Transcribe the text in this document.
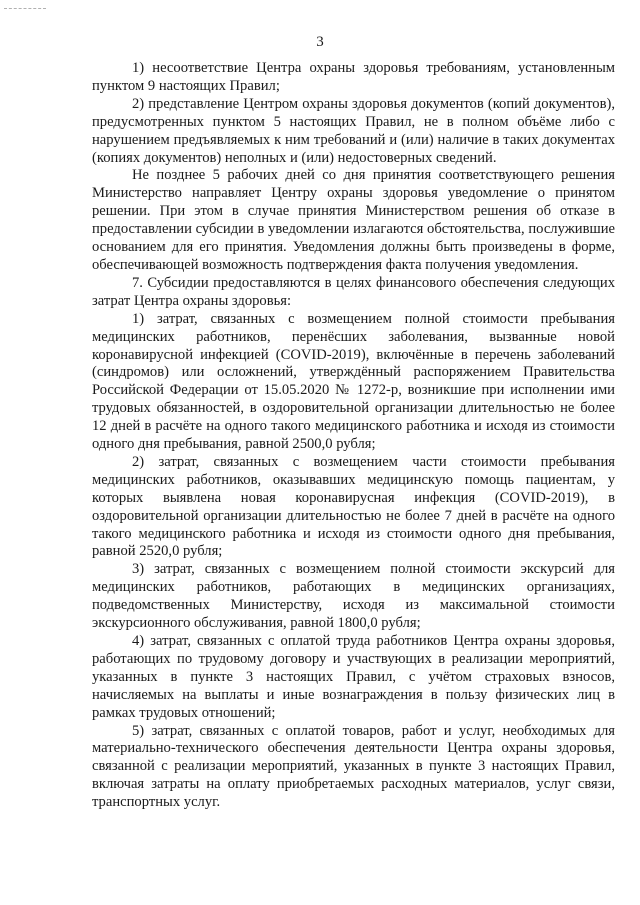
3

1) несоответствие Центра охраны здоровья требованиям, установленным пунктом 9 настоящих Правил;

2) представление Центром охраны здоровья документов (копий документов), предусмотренных пунктом 5 настоящих Правил, не в полном объёме либо с нарушением предъявляемых к ним требований и (или) наличие в таких документах (копиях документов) неполных и (или) недостоверных сведений.

Не позднее 5 рабочих дней со дня принятия соответствующего решения Министерство направляет Центру охраны здоровья уведомление о принятом решении. При этом в случае принятия Министерством решения об отказе в предоставлении субсидии в уведомлении излагаются обстоятельства, послужившие основанием для его принятия. Уведомления должны быть произведены в форме, обеспечивающей возможность подтверждения факта получения уведомления.

7. Субсидии предоставляются в целях финансового обеспечения следующих затрат Центра охраны здоровья:

1) затрат, связанных с возмещением полной стоимости пребывания медицинских работников, перенёсших заболевания, вызванные новой коронавирусной инфекцией (COVID-2019), включённые в перечень заболеваний (синдромов) или осложнений, утверждённый распоряжением Правительства Российской Федерации от 15.05.2020 № 1272-р, возникшие при исполнении ими трудовых обязанностей, в оздоровительной организации длительностью не более 12 дней в расчёте на одного такого медицинского работника и исходя из стоимости одного дня пребывания, равной 2500,0 рубля;

2) затрат, связанных с возмещением части стоимости пребывания медицинских работников, оказывавших медицинскую помощь пациентам, у которых выявлена новая коронавирусная инфекция (COVID-2019), в оздоровительной организации длительностью не более 7 дней в расчёте на одного такого медицинского работника и исходя из стоимости одного дня пребывания, равной 2520,0 рубля;

3) затрат, связанных с возмещением полной стоимости экскурсий для медицинских работников, работающих в медицинских организациях, подведомственных Министерству, исходя из максимальной стоимости экскурсионного обслуживания, равной 1800,0 рубля;

4) затрат, связанных с оплатой труда работников Центра охраны здоровья, работающих по трудовому договору и участвующих в реализации мероприятий, указанных в пункте 3 настоящих Правил, с учётом страховых взносов, начисляемых на выплаты и иные вознаграждения в пользу физических лиц в рамках трудовых отношений;

5) затрат, связанных с оплатой товаров, работ и услуг, необходимых для материально-технического обеспечения деятельности Центра охраны здоровья, связанной с реализации мероприятий, указанных в пункте 3 настоящих Правил, включая затраты на оплату приобретаемых расходных материалов, услуг связи, транспортных услуг.
